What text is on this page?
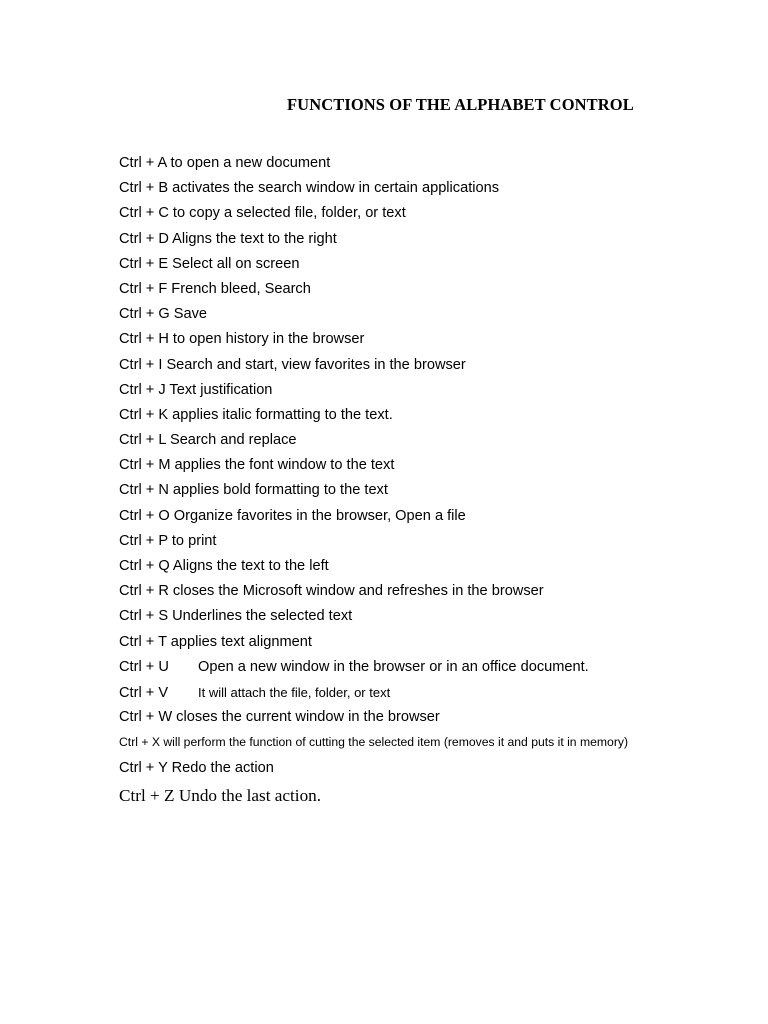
FUNCTIONS OF THE ALPHABET CONTROL
Ctrl + A to open a new document
Ctrl + B activates the search window in certain applications
Ctrl + C to copy a selected file, folder, or text
Ctrl + D Aligns the text to the right
Ctrl + E Select all on screen
Ctrl + F French bleed, Search
Ctrl + G Save
Ctrl + H to open history in the browser
Ctrl + I Search and start, view favorites in the browser
Ctrl + J Text justification
Ctrl + K applies italic formatting to the text.
Ctrl + L Search and replace
Ctrl + M applies the font window to the text
Ctrl + N applies bold formatting to the text
Ctrl + O Organize favorites in the browser, Open a file
Ctrl + P to print
Ctrl + Q Aligns the text to the left
Ctrl + R closes the Microsoft window and refreshes in the browser
Ctrl + S Underlines the selected text
Ctrl + T applies text alignment
Ctrl + U Open a new window in the browser or in an office document.
Ctrl + V It will attach the file, folder, or text
Ctrl + W closes the current window in the browser
Ctrl + X will perform the function of cutting the selected item (removes it and puts it in memory)
Ctrl + Y Redo the action
Ctrl + Z Undo the last action.
